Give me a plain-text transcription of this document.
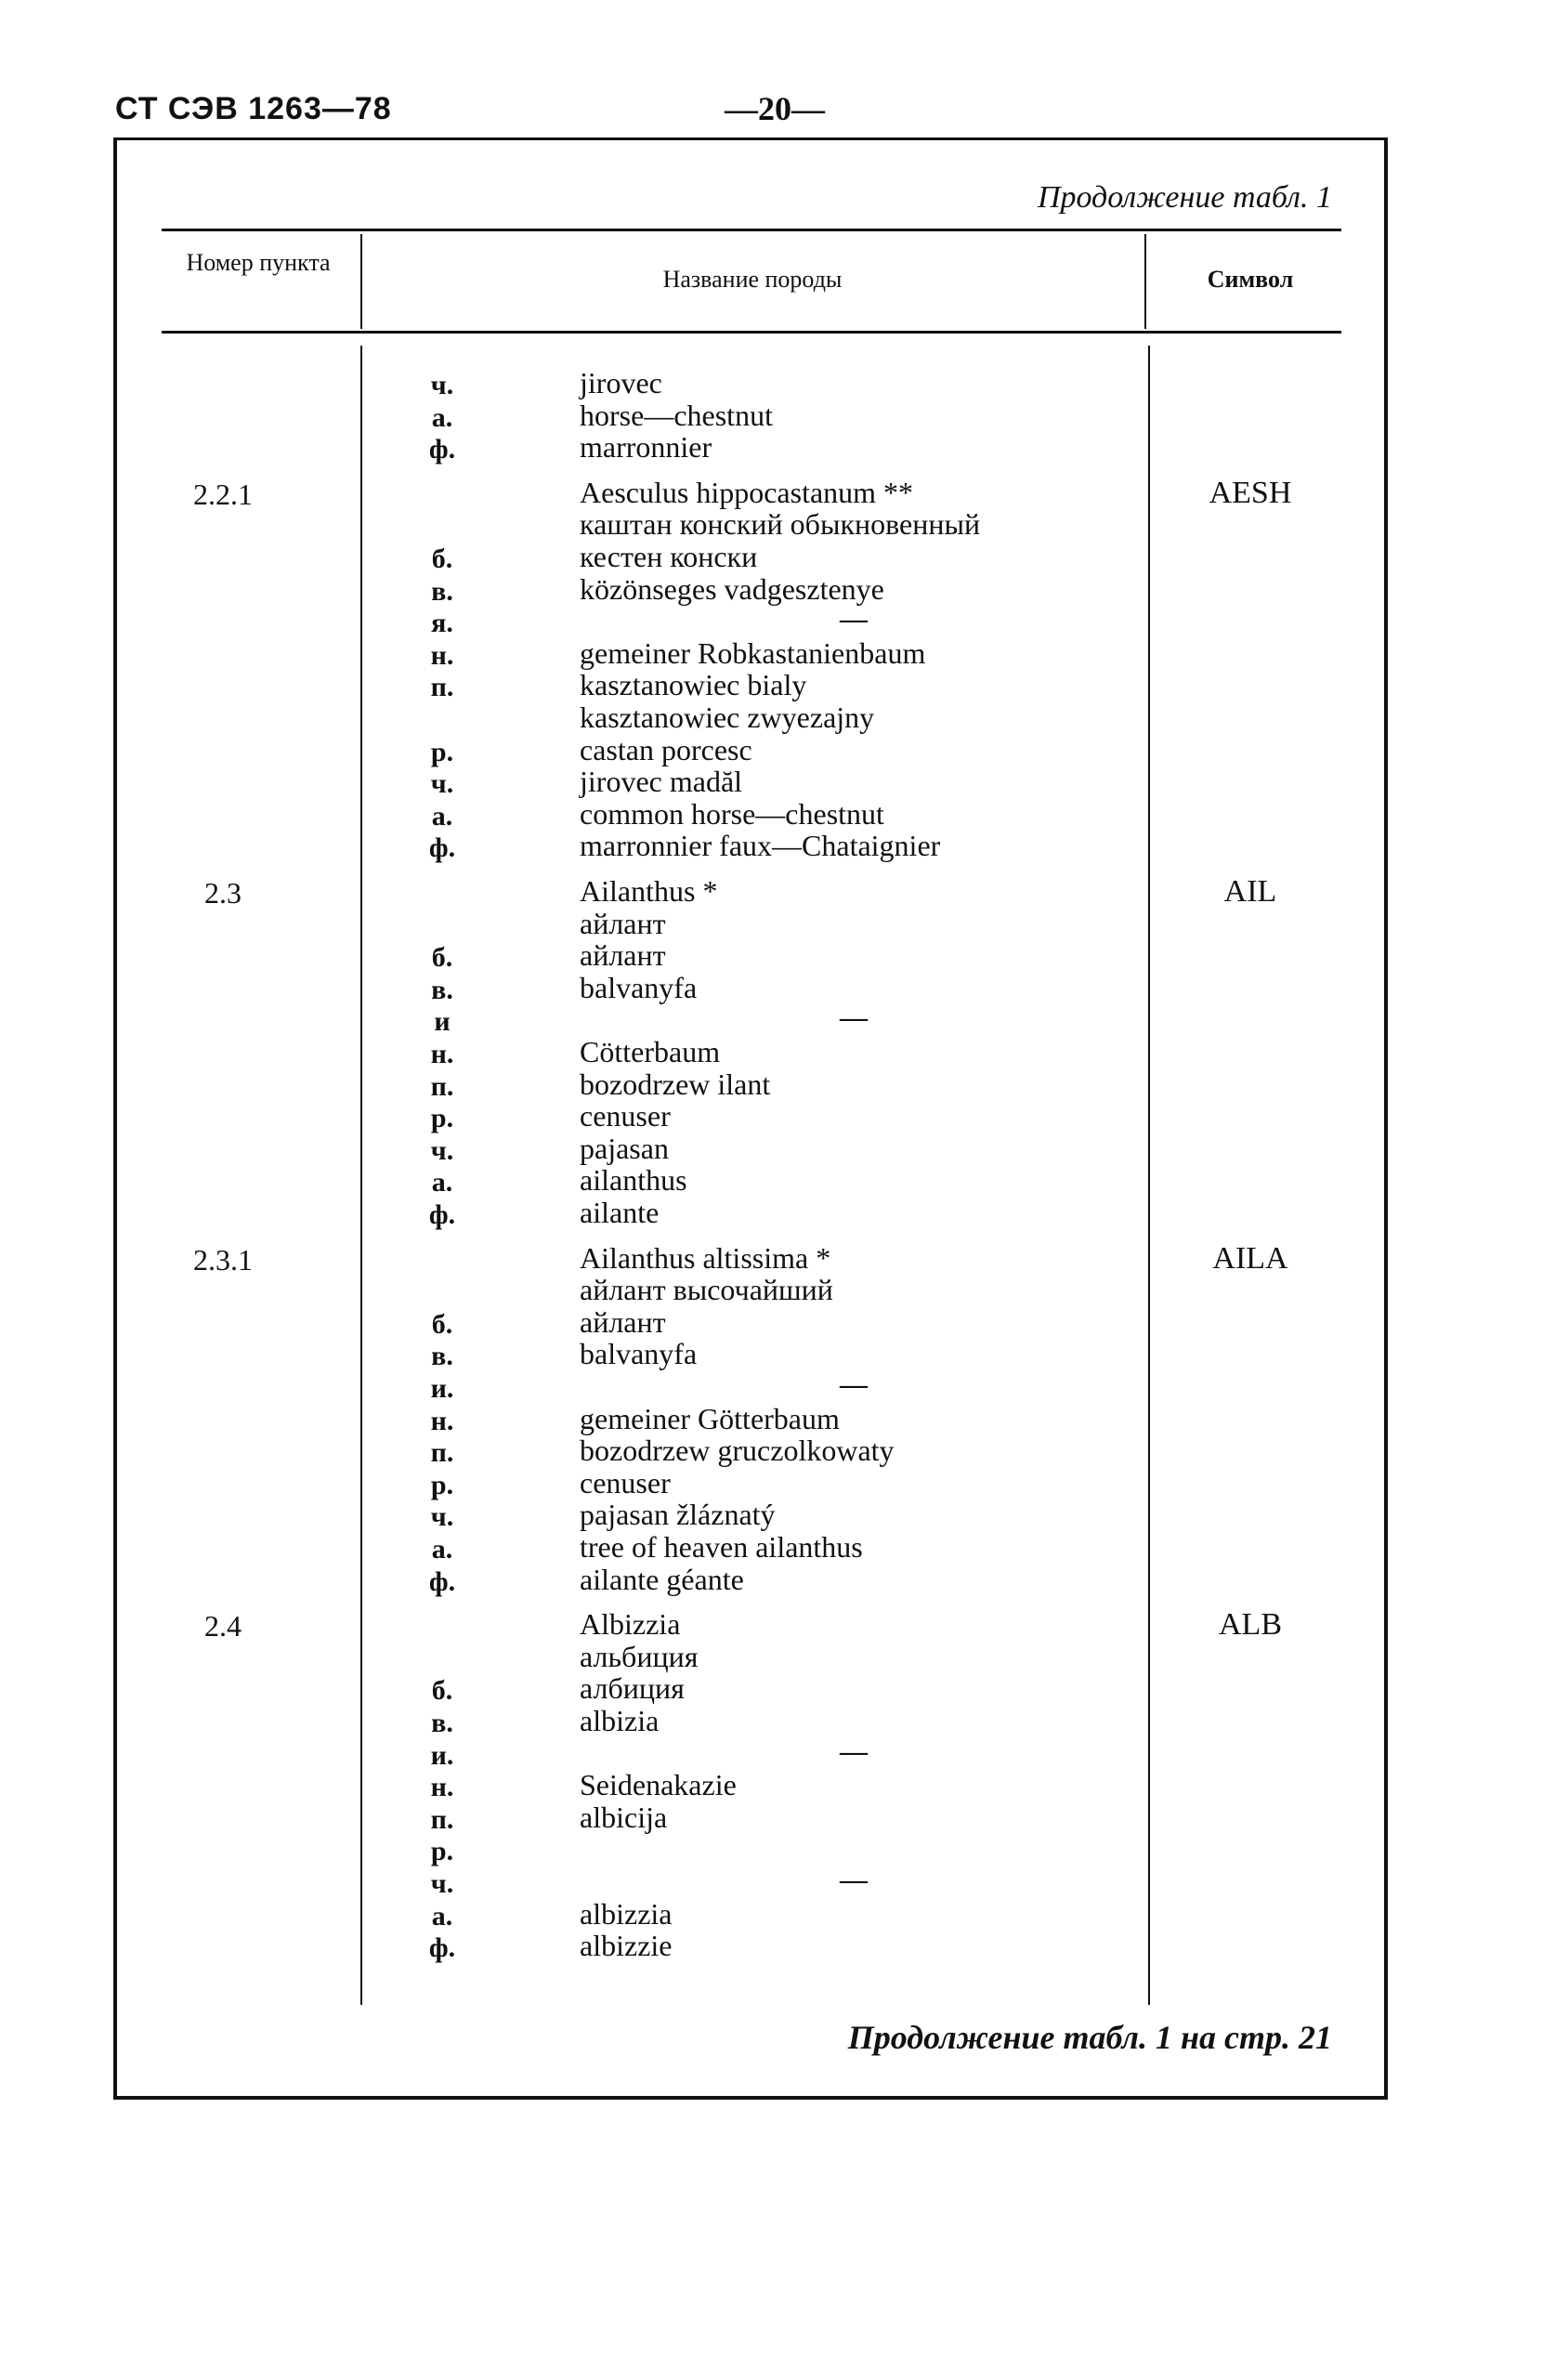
СТ СЭВ 1263—78	—20—
Продолжение табл. 1
Номер пункта
Название породы	Символ
ч.	jirovec
а.	horse—chestnut
ф.	marronnier
2.2.1	Aesculus hippocastanum **	AESH
каштан конский обыкновенный
б.	кестен конски
в.	közönseges vadgesztenye
я.	—
н.	gemeiner Robkastanienbaum
п.	kasztanowiec bialy
kasztanowiec zwyezajny
р.	castan porcesc
ч.	jirovec madăl
а.	common horse—chestnut
ф.	marronnier faux—Chataignier
2.3	Ailanthus *	AIL
айлант
б.	айлант
в.	balvanyfa
и	—
н.	Cötterbaum
п.	bozodrzew ilant
р.	cenuser
ч.	pajasan
а.	ailanthus
ф.	ailante
2.3.1	Ailanthus altissima *	AILA
айлант высочайший
б.	айлант
в.	balvanyfa
и.	—
н.	gemeiner Götterbaum
п.	bozodrzew gruczolkowaty
р.	cenuser
ч.	pajasan žláznatý
а.	tree of heaven ailanthus
ф.	ailante géante
2.4	Albizzia	ALB
альбиция
б.	албиция
в.	albizia
и.	—
н.	Seidenakazie
п.	albicija
р.
ч.	—
а.	albizzia
ф.	albizzie
Продолжение табл. 1 на стр. 21
